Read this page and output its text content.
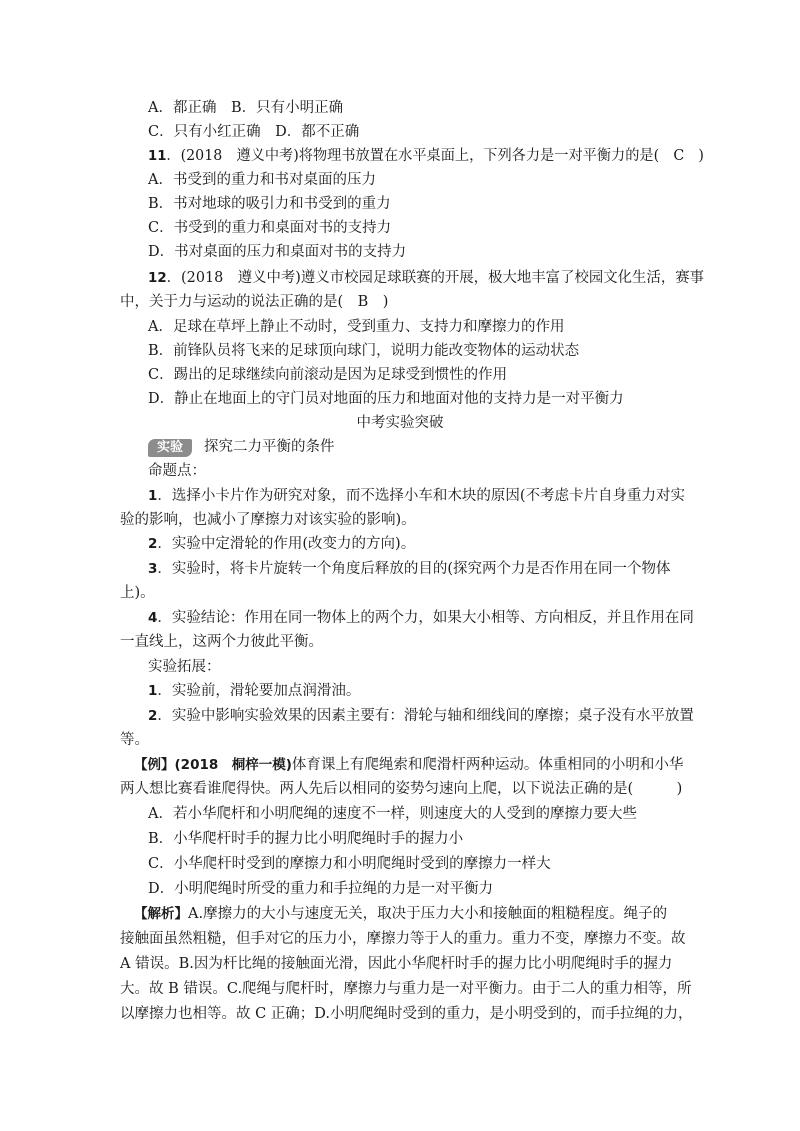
A．都正确　B．只有小明正确
C．只有小红正确　D．都不正确
11．(2018　遵义中考)将物理书放置在水平桌面上，下列各力是一对平衡力的是(　C　)
A．书受到的重力和书对桌面的压力
B．书对地球的吸引力和书受到的重力
C．书受到的重力和桌面对书的支持力
D．书对桌面的压力和桌面对书的支持力
12．(2018　遵义中考)遵义市校园足球联赛的开展，极大地丰富了校园文化生活，赛事
中，关于力与运动的说法正确的是(　B　)
A．足球在草坪上静止不动时，受到重力、支持力和摩擦力的作用
B．前锋队员将飞来的足球顶向球门，说明力能改变物体的运动状态
C．踢出的足球继续向前滚动是因为足球受到惯性的作用
D．静止在地面上的守门员对地面的压力和地面对他的支持力是一对平衡力
中考实验突破
实验 探究二力平衡的条件
命题点：
1．选择小卡片作为研究对象，而不选择小车和木块的原因(不考虑卡片自身重力对实
验的影响，也减小了摩擦力对该实验的影响)。
2．实验中定滑轮的作用(改变力的方向)。
3．实验时，将卡片旋转一个角度后释放的目的(探究两个力是否作用在同一个物体
上)。
4．实验结论：作用在同一物体上的两个力，如果大小相等、方向相反，并且作用在同
一直线上，这两个力彼此平衡。
实验拓展：
1．实验前，滑轮要加点润滑油。
2．实验中影响实验效果的因素主要有：滑轮与轴和细线间的摩擦；桌子没有水平放置
等。
【例】(2018　桐梓一模)体育课上有爬绳索和爬滑杆两种运动。体重相同的小明和小华
两人想比赛看谁爬得快。两人先后以相同的姿势匀速向上爬，以下说法正确的是(　　　)
A．若小华爬杆和小明爬绳的速度不一样，则速度大的人受到的摩擦力要大些
B．小华爬杆时手的握力比小明爬绳时手的握力小
C．小华爬杆时受到的摩擦力和小明爬绳时受到的摩擦力一样大
D．小明爬绳时所受的重力和手拉绳的力是一对平衡力
【解析】A.摩擦力的大小与速度无关，取决于压力大小和接触面的粗糙程度。绳子的
接触面虽然粗糙，但手对它的压力小，摩擦力等于人的重力。重力不变，摩擦力不变。故
A 错误。B.因为杆比绳的接触面光滑，因此小华爬杆时手的握力比小明爬绳时手的握力
大。故 B 错误。C.爬绳与爬杆时，摩擦力与重力是一对平衡力。由于二人的重力相等，所
以摩擦力也相等。故 C 正确；D.小明爬绳时受到的重力，是小明受到的，而手拉绳的力，
